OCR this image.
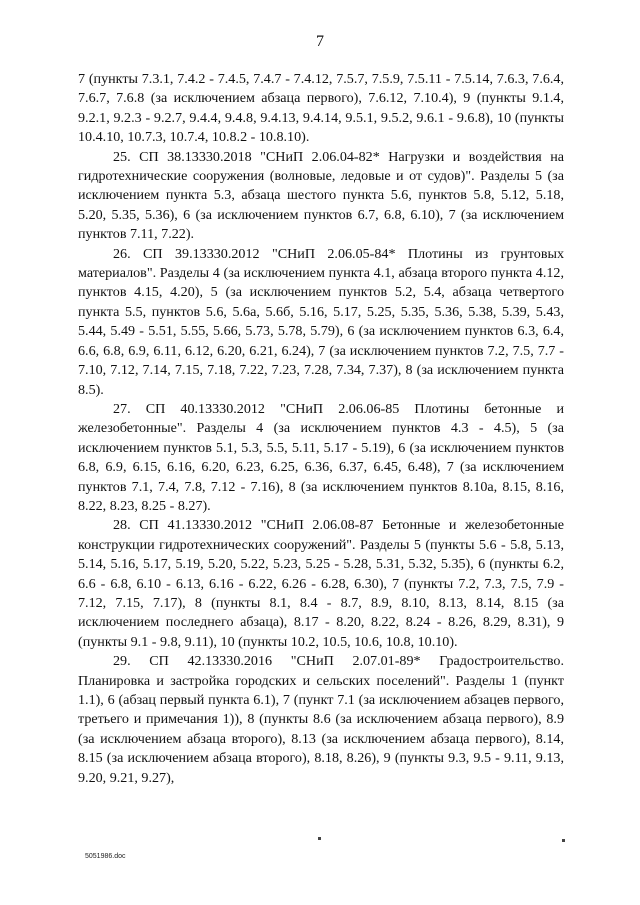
7

7 (пункты 7.3.1, 7.4.2 - 7.4.5, 7.4.7 - 7.4.12, 7.5.7, 7.5.9, 7.5.11 - 7.5.14, 7.6.3, 7.6.4, 7.6.7, 7.6.8 (за исключением абзаца первого), 7.6.12, 7.10.4), 9 (пункты 9.1.4, 9.2.1, 9.2.3 - 9.2.7, 9.4.4, 9.4.8, 9.4.13, 9.4.14, 9.5.1, 9.5.2, 9.6.1 - 9.6.8), 10 (пункты 10.4.10, 10.7.3, 10.7.4, 10.8.2 - 10.8.10).

25. СП 38.13330.2018 "СНиП 2.06.04-82* Нагрузки и воздействия на гидротехнические сооружения (волновые, ледовые и от судов)". Разделы 5 (за исключением пункта 5.3, абзаца шестого пункта 5.6, пунктов 5.8, 5.12, 5.18, 5.20, 5.35, 5.36), 6 (за исключением пунктов 6.7, 6.8, 6.10), 7 (за исключением пунктов 7.11, 7.22).

26. СП 39.13330.2012 "СНиП 2.06.05-84* Плотины из грунтовых материалов". Разделы 4 (за исключением пункта 4.1, абзаца второго пункта 4.12, пунктов 4.15, 4.20), 5 (за исключением пунктов 5.2, 5.4, абзаца четвертого пункта 5.5, пунктов 5.6, 5.6а, 5.6б, 5.16, 5.17, 5.25, 5.35, 5.36, 5.38, 5.39, 5.43, 5.44, 5.49 - 5.51, 5.55, 5.66, 5.73, 5.78, 5.79), 6 (за исключением пунктов 6.3, 6.4, 6.6, 6.8, 6.9, 6.11, 6.12, 6.20, 6.21, 6.24), 7 (за исключением пунктов 7.2, 7.5, 7.7 - 7.10, 7.12, 7.14, 7.15, 7.18, 7.22, 7.23, 7.28, 7.34, 7.37), 8 (за исключением пункта 8.5).

27. СП 40.13330.2012 "СНиП 2.06.06-85 Плотины бетонные и железобетонные". Разделы 4 (за исключением пунктов 4.3 - 4.5), 5 (за исключением пунктов 5.1, 5.3, 5.5, 5.11, 5.17 - 5.19), 6 (за исключением пунктов 6.8, 6.9, 6.15, 6.16, 6.20, 6.23, 6.25, 6.36, 6.37, 6.45, 6.48), 7 (за исключением пунктов 7.1, 7.4, 7.8, 7.12 - 7.16), 8 (за исключением пунктов 8.10а, 8.15, 8.16, 8.22, 8.23, 8.25 - 8.27).

28. СП 41.13330.2012 "СНиП 2.06.08-87 Бетонные и железобетонные конструкции гидротехнических сооружений". Разделы 5 (пункты 5.6 - 5.8, 5.13, 5.14, 5.16, 5.17, 5.19, 5.20, 5.22, 5.23, 5.25 - 5.28, 5.31, 5.32, 5.35), 6 (пункты 6.2, 6.6 - 6.8, 6.10 - 6.13, 6.16 - 6.22, 6.26 - 6.28, 6.30), 7 (пункты 7.2, 7.3, 7.5, 7.9 - 7.12, 7.15, 7.17), 8 (пункты 8.1, 8.4 - 8.7, 8.9, 8.10, 8.13, 8.14, 8.15 (за исключением последнего абзаца), 8.17 - 8.20, 8.22, 8.24 - 8.26, 8.29, 8.31), 9 (пункты 9.1 - 9.8, 9.11), 10 (пункты 10.2, 10.5, 10.6, 10.8, 10.10).

29. СП 42.13330.2016 "СНиП 2.07.01-89* Градостроительство. Планировка и застройка городских и сельских поселений". Разделы 1 (пункт 1.1), 6 (абзац первый пункта 6.1), 7 (пункт 7.1 (за исключением абзацев первого, третьего и примечания 1)), 8 (пункты 8.6 (за исключением абзаца первого), 8.9 (за исключением абзаца второго), 8.13 (за исключением абзаца первого), 8.14, 8.15 (за исключением абзаца второго), 8.18, 8.26), 9 (пункты 9.3, 9.5 - 9.11, 9.13, 9.20, 9.21, 9.27),

5051986.doc
